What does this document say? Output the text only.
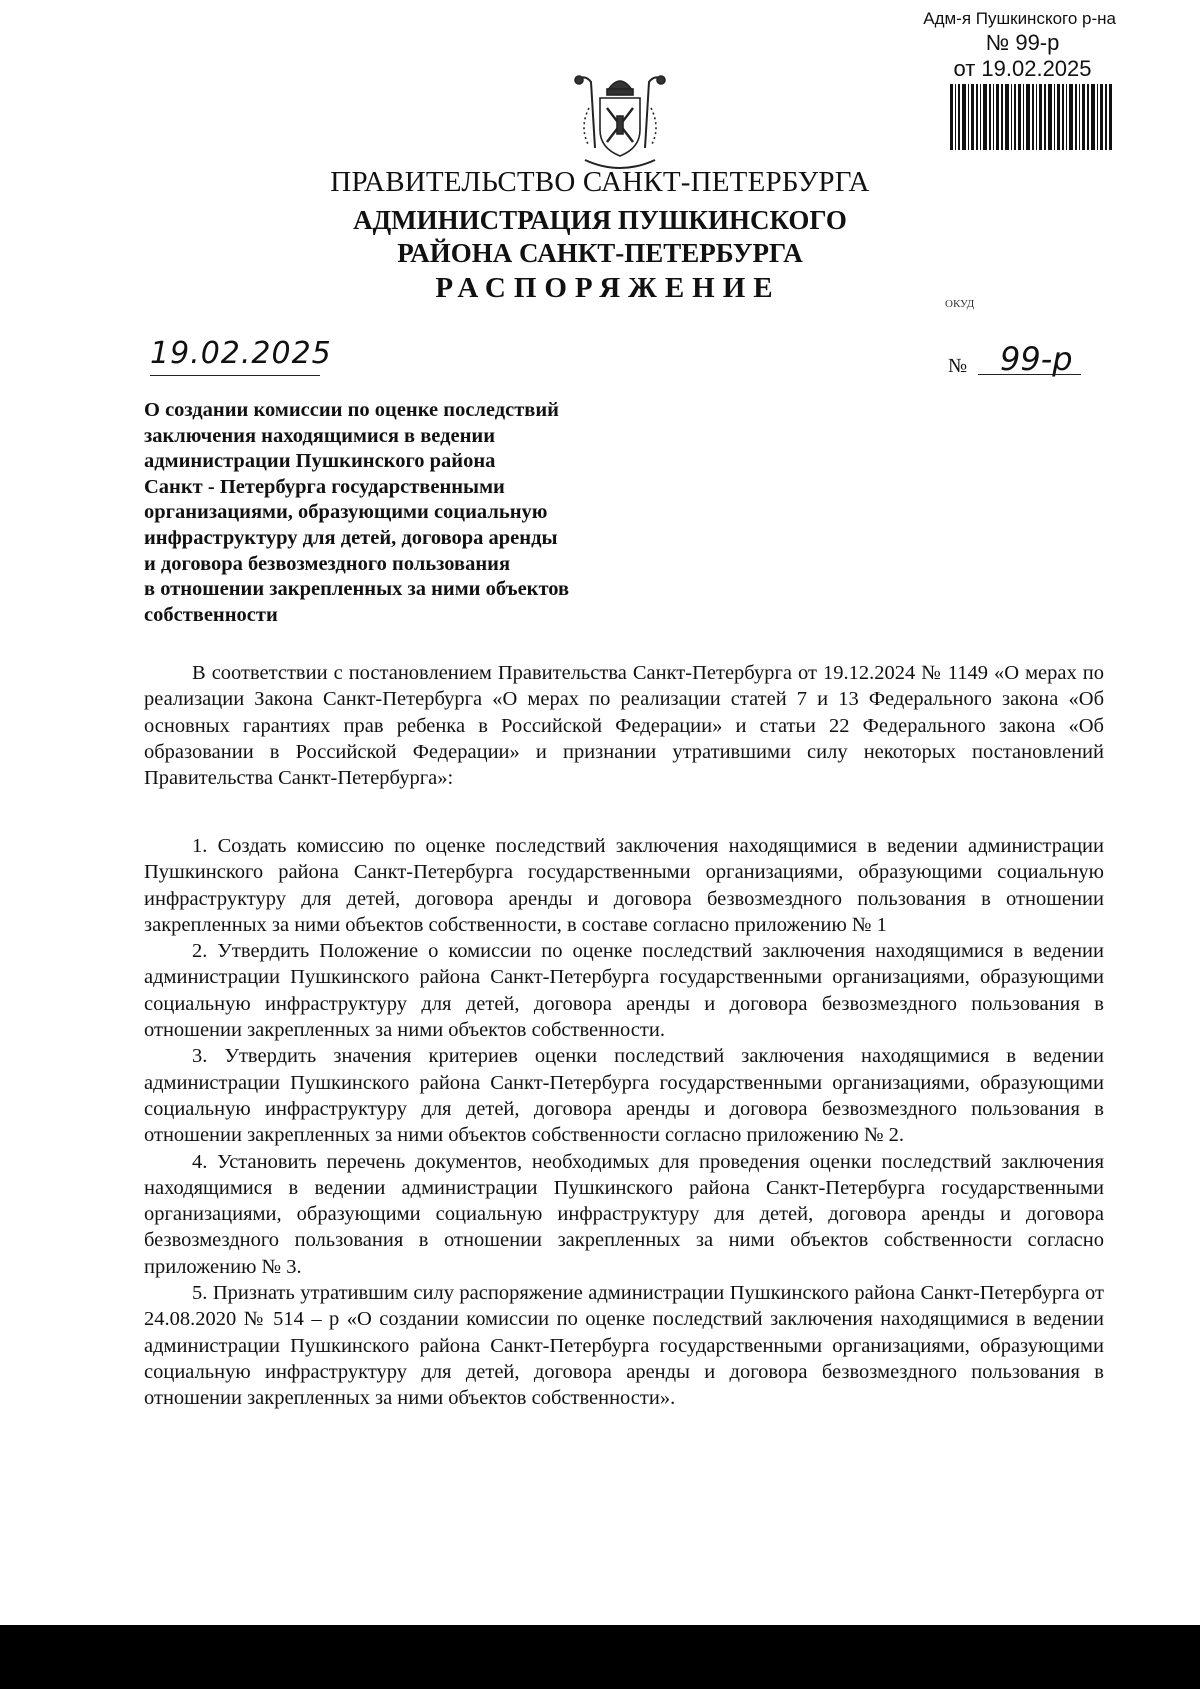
Адм-я Пушкинского р-на
№ 99-р
от 19.02.2025
ПРАВИТЕЛЬСТВО САНКТ-ПЕТЕРБУРГА
АДМИНИСТРАЦИЯ ПУШКИНСКОГО
РАЙОНА САНКТ-ПЕТЕРБУРГА
РАСПОРЯЖЕНИЕ	ОКУД
19.02.2025	№ 99-р
О создании комиссии по оценке последствий
заключения находящимися в ведении
администрации Пушкинского района
Санкт - Петербурга государственными
организациями, образующими социальную
инфраструктуру для детей, договора аренды
и договора безвозмездного пользования
в отношении закрепленных за ними объектов
собственности

В соответствии с постановлением Правительства Санкт-Петербурга от 19.12.2024 № 1149 «О мерах по реализации Закона Санкт-Петербурга «О мерах по реализации статей 7 и 13 Федерального закона «Об основных гарантиях прав ребенка в Российской Федерации» и статьи 22 Федерального закона «Об образовании в Российской Федерации» и признании утратившими силу некоторых постановлений Правительства Санкт-Петербурга»:

1. Создать комиссию по оценке последствий заключения находящимися в ведении администрации Пушкинского района Санкт-Петербурга государственными организациями, образующими социальную инфраструктуру для детей, договора аренды и договора безвозмездного пользования в отношении закрепленных за ними объектов собственности, в составе согласно приложению № 1

2. Утвердить Положение о комиссии по оценке последствий заключения находящимися в ведении администрации Пушкинского района Санкт-Петербурга государственными организациями, образующими социальную инфраструктуру для детей, договора аренды и договора безвозмездного пользования в отношении закрепленных за ними объектов собственности.

3. Утвердить значения критериев оценки последствий заключения находящимися в ведении администрации Пушкинского района Санкт-Петербурга государственными организациями, образующими социальную инфраструктуру для детей, договора аренды и договора безвозмездного пользования в отношении закрепленных за ними объектов собственности согласно приложению № 2.

4. Установить перечень документов, необходимых для проведения оценки последствий заключения находящимися в ведении администрации Пушкинского района Санкт-Петербурга государственными организациями, образующими социальную инфраструктуру для детей, договора аренды и договора безвозмездного пользования в отношении закрепленных за ними объектов собственности согласно приложению № 3.

5. Признать утратившим силу распоряжение администрации Пушкинского района Санкт-Петербурга от 24.08.2020 № 514 – р «О создании комиссии по оценке последствий заключения находящимися в ведении администрации Пушкинского района Санкт-Петербурга государственными организациями, образующими социальную инфраструктуру для детей, договора аренды и договора безвозмездного пользования в отношении закрепленных за ними объектов собственности».
